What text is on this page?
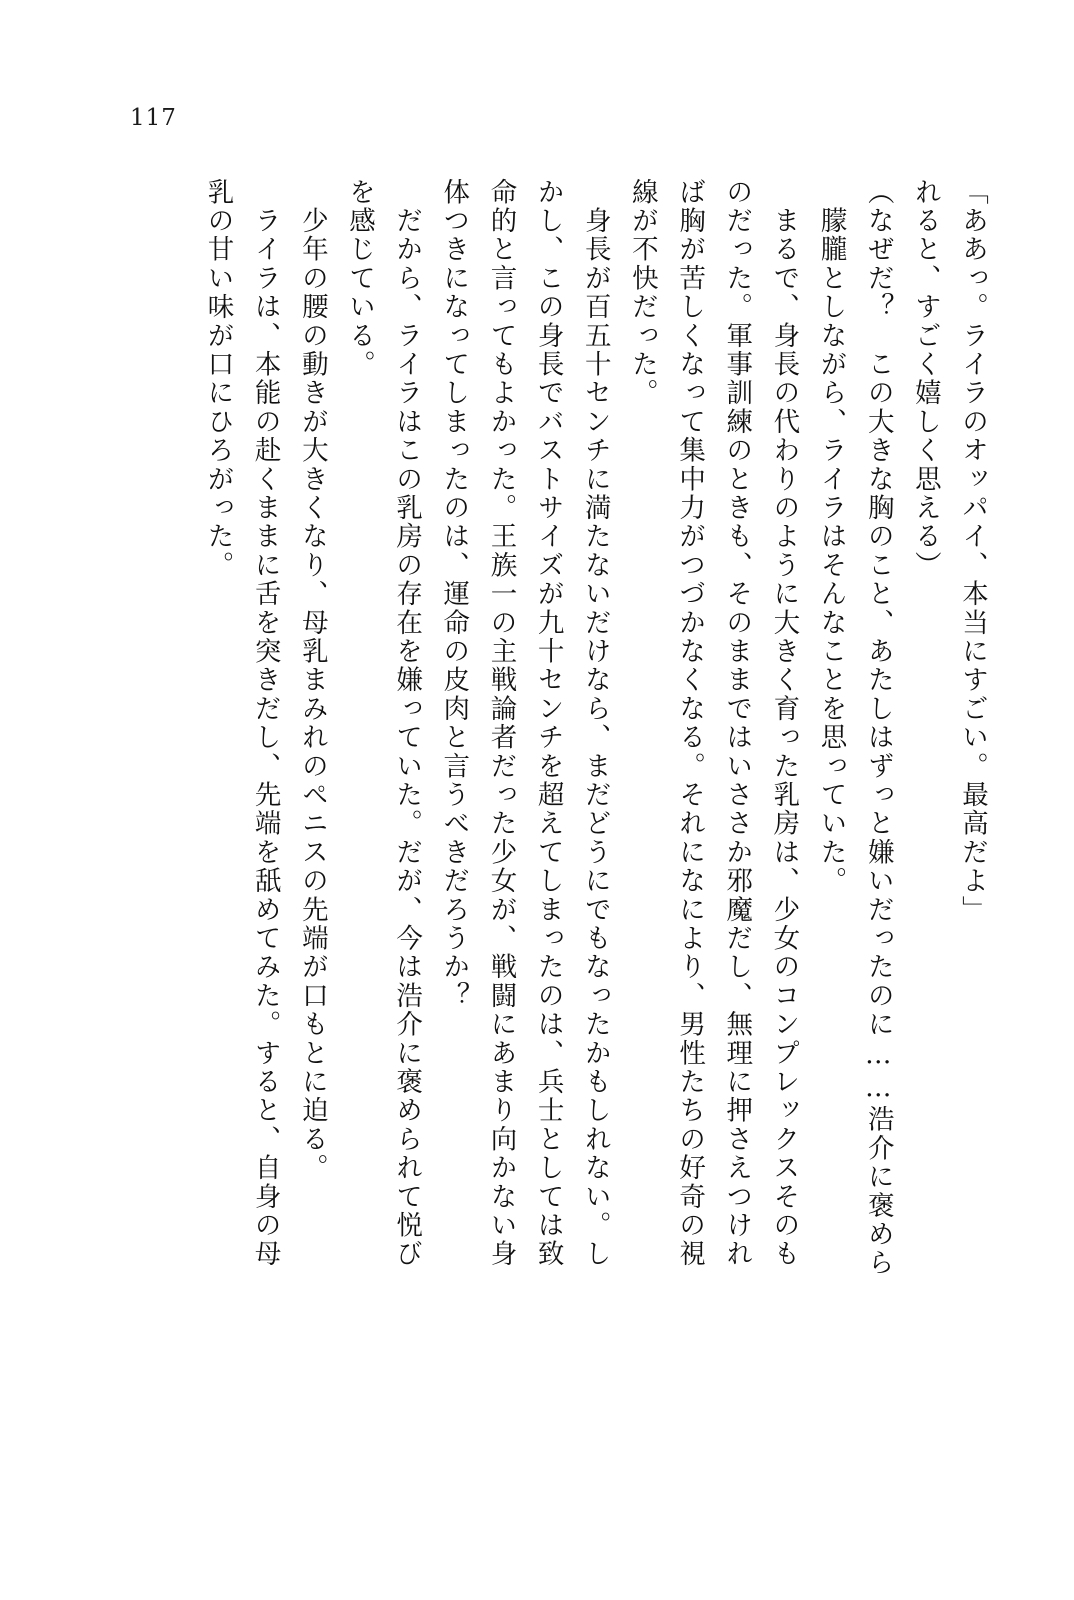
117

「ああっ。ライラのオッパイ、本当にすごい。最高だよ」

れると、すごく嬉しく思える）

（なぜだ？　この大きな胸のこと、あたしはずっと嫌いだったのに……浩介に褒めら

　朦朧としながら、ライラはそんなことを思っていた。

　まるで、身長の代わりのように大きく育った乳房は、少女のコンプレックスそのも

のだった。軍事訓練のときも、そのままではいささか邪魔だし、無理に押さえつけれ

ば胸が苦しくなって集中力がつづかなくなる。それになにより、男性たちの好奇の視

線が不快だった。

　身長が百五十センチに満たないだけなら、まだどうにでもなったかもしれない。し

かし、この身長でバストサイズが九十センチを超えてしまったのは、兵士としては致

命的と言ってもよかった。王族一の主戦論者だった少女が、戦闘にあまり向かない身

体つきになってしまったのは、運命の皮肉と言うべきだろうか？

　だから、ライラはこの乳房の存在を嫌っていた。だが、今は浩介に褒められて悦び

を感じている。

　少年の腰の動きが大きくなり、母乳まみれのペニスの先端が口もとに迫る。

　ライラは、本能の赴くままに舌を突きだし、先端を舐めてみた。すると、自身の母

乳の甘い味が口にひろがった。
